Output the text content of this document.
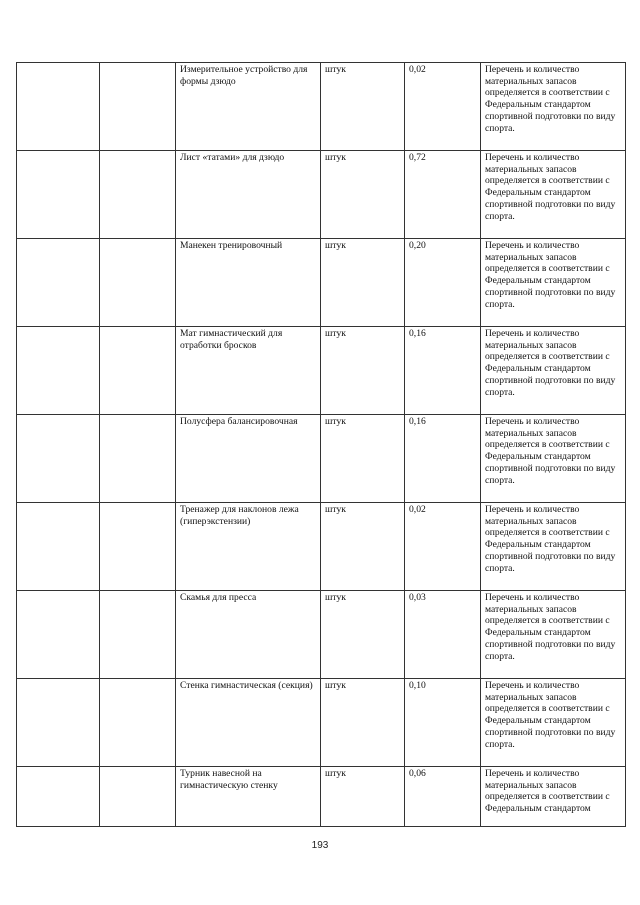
		Измерительное устройство для формы дзюдо	штук	0,02	Перечень и количество материальных запасов определяется в соответствии с Федеральным стандартом спортивной подготовки по виду спорта.
		Лист «татами» для дзюдо	штук	0,72	Перечень и количество материальных запасов определяется в соответствии с Федеральным стандартом спортивной подготовки по виду спорта.
		Манекен тренировочный	штук	0,20	Перечень и количество материальных запасов определяется в соответствии с Федеральным стандартом спортивной подготовки по виду спорта.
		Мат гимнастический для отработки бросков	штук	0,16	Перечень и количество материальных запасов определяется в соответствии с Федеральным стандартом спортивной подготовки по виду спорта.
		Полусфера балансировочная	штук	0,16	Перечень и количество материальных запасов определяется в соответствии с Федеральным стандартом спортивной подготовки по виду спорта.
		Тренажер для наклонов лежа (гиперэкстензии)	штук	0,02	Перечень и количество материальных запасов определяется в соответствии с Федеральным стандартом спортивной подготовки по виду спорта.
		Скамья для пресса	штук	0,03	Перечень и количество материальных запасов определяется в соответствии с Федеральным стандартом спортивной подготовки по виду спорта.
		Стенка гимнастическая (секция)	штук	0,10	Перечень и количество материальных запасов определяется в соответствии с Федеральным стандартом спортивной подготовки по виду спорта.
		Турник навесной на гимнастическую стенку	штук	0,06	Перечень и количество материальных запасов определяется в соответствии с Федеральным стандартом
193
